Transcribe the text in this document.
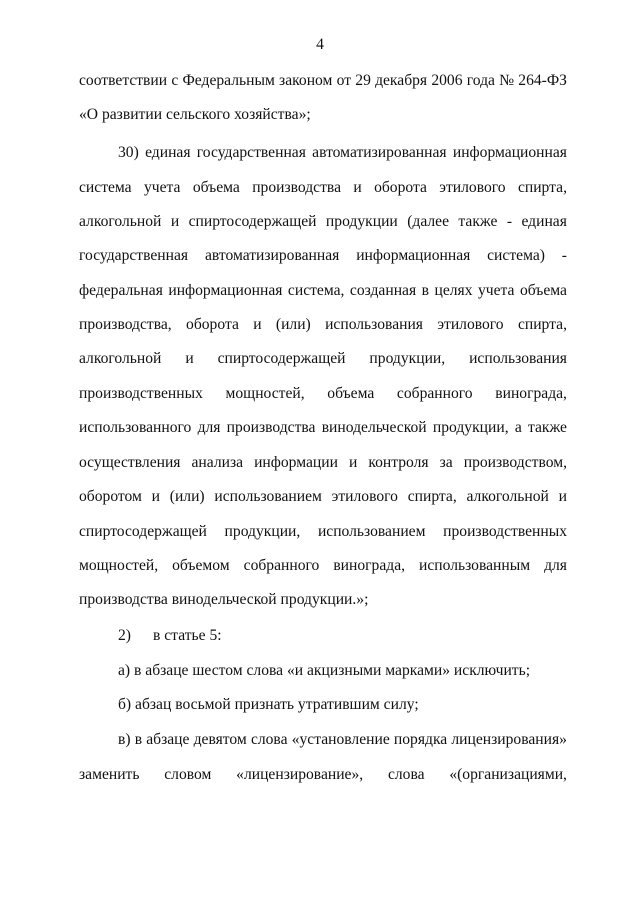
4
соответствии с Федеральным законом от 29 декабря 2006 года № 264-ФЗ
«О развитии сельского хозяйства»;
30) единая государственная автоматизированная информационная
система учета объема производства и оборота этилового спирта,
алкогольной и спиртосодержащей продукции (далее также - единая
государственная автоматизированная информационная система) -
федеральная информационная система, созданная в целях учета объема
производства, оборота и (или) использования этилового спирта,
алкогольной и спиртосодержащей продукции, использования
производственных мощностей, объема собранного винограда,
использованного для производства винодельческой продукции, а также
осуществления анализа информации и контроля за производством,
оборотом и (или) использованием этилового спирта, алкогольной и
спиртосодержащей продукции, использованием производственных
мощностей, объемом собранного винограда, использованным для
производства винодельческой продукции.»;
2) в статье 5:
а) в абзаце шестом слова «и акцизными марками» исключить;
б) абзац восьмой признать утратившим силу;
в) в абзаце девятом слова «установление порядка лицензирования»
заменить словом «лицензирование», слова «(организациями,
